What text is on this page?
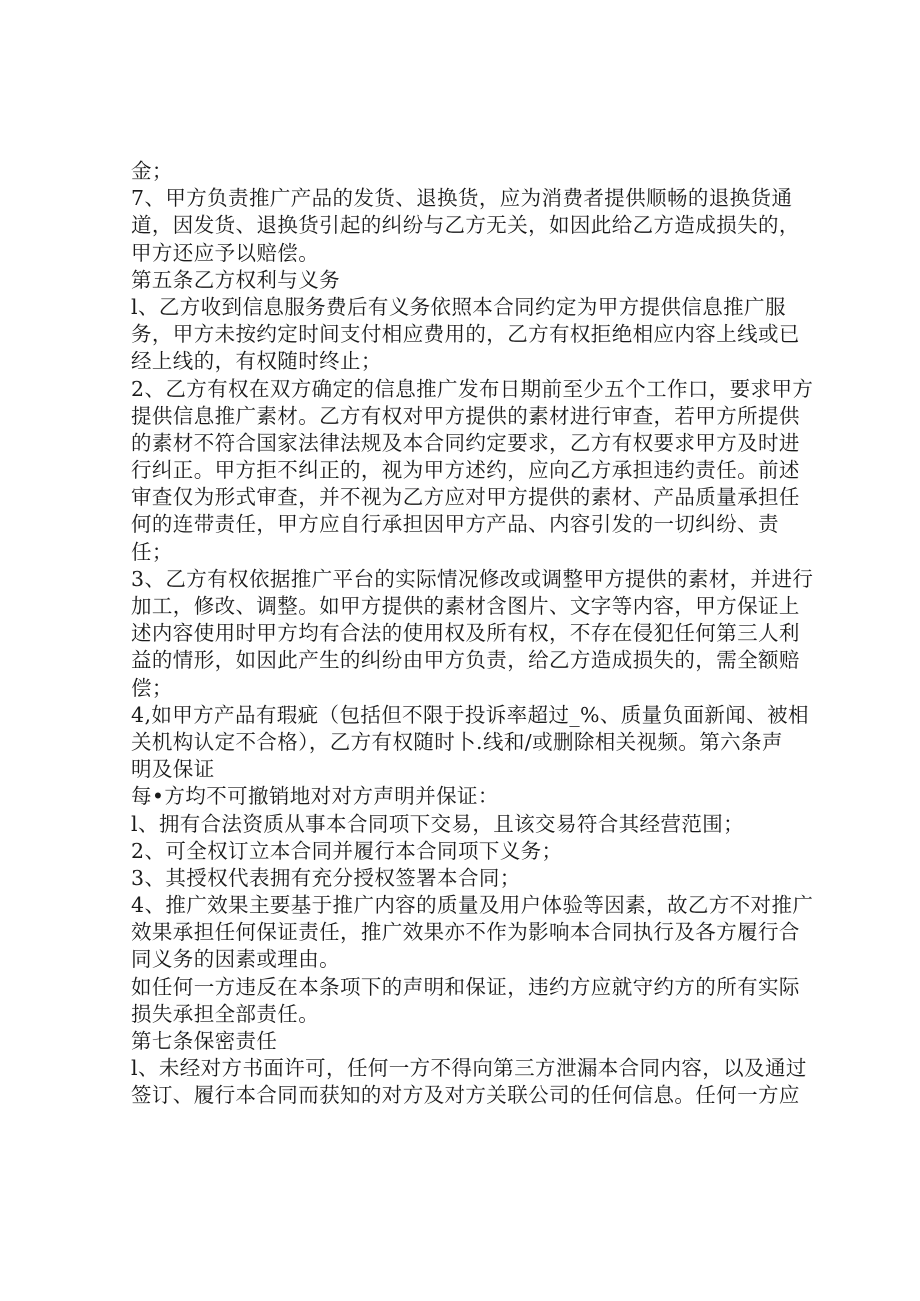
金；
7、甲方负责推广产品的发货、退换货，应为消费者提供顺畅的退换货通
道，因发货、退换货引起的纠纷与乙方无关，如因此给乙方造成损失的，
甲方还应予以赔偿。
第五条乙方权利与义务
l、乙方收到信息服务费后有义务依照本合同约定为甲方提供信息推广服
务，甲方未按约定时间支付相应费用的，乙方有权拒绝相应内容上线或已
经上线的，有权随时终止；
2、乙方有权在双方确定的信息推广发布日期前至少五个工作口，要求甲方
提供信息推广素材。乙方有权对甲方提供的素材进行审查，若甲方所提供
的素材不符合国家法律法规及本合同约定要求，乙方有权要求甲方及时进
行纠正。甲方拒不纠正的，视为甲方述约，应向乙方承担违约责任。前述
审查仅为形式审查，并不视为乙方应对甲方提供的素材、产品质量承担任
何的连带责任，甲方应自行承担因甲方产品、内容引发的一切纠纷、责
任；
3、乙方有权依据推广平台的实际情况修改或调整甲方提供的素材，并进行
加工，修改、调整。如甲方提供的素材含图片、文字等内容，甲方保证上
述内容使用时甲方均有合法的使用权及所有权，不存在侵犯任何第三人利
益的情形，如因此产生的纠纷由甲方负责，给乙方造成损失的，需全额赔
偿；
4,如甲方产品有瑕疵（包括但不限于投诉率超过_%、质量负面新闻、被相
关机构认定不合格），乙方有权随时卜.线和/或删除相关视频。第六条声
明及保证
每•方均不可撤销地对对方声明并保证：
l、拥有合法资质从事本合同项下交易，且该交易符合其经营范围；
2、可全权订立本合同并履行本合同项下义务；
3、其授权代表拥有充分授权签署本合同；
4、推广效果主要基于推广内容的质量及用户体验等因素，故乙方不对推广
效果承担任何保证责任，推广效果亦不作为影响本合同执行及各方履行合
同义务的因素或理由。
如任何一方违反在本条项下的声明和保证，违约方应就守约方的所有实际
损失承担全部责任。
第七条保密责任
l、未经对方书面许可，任何一方不得向第三方泄漏本合同内容，以及通过
签订、履行本合同而获知的对方及对方关联公司的任何信息。任何一方应
